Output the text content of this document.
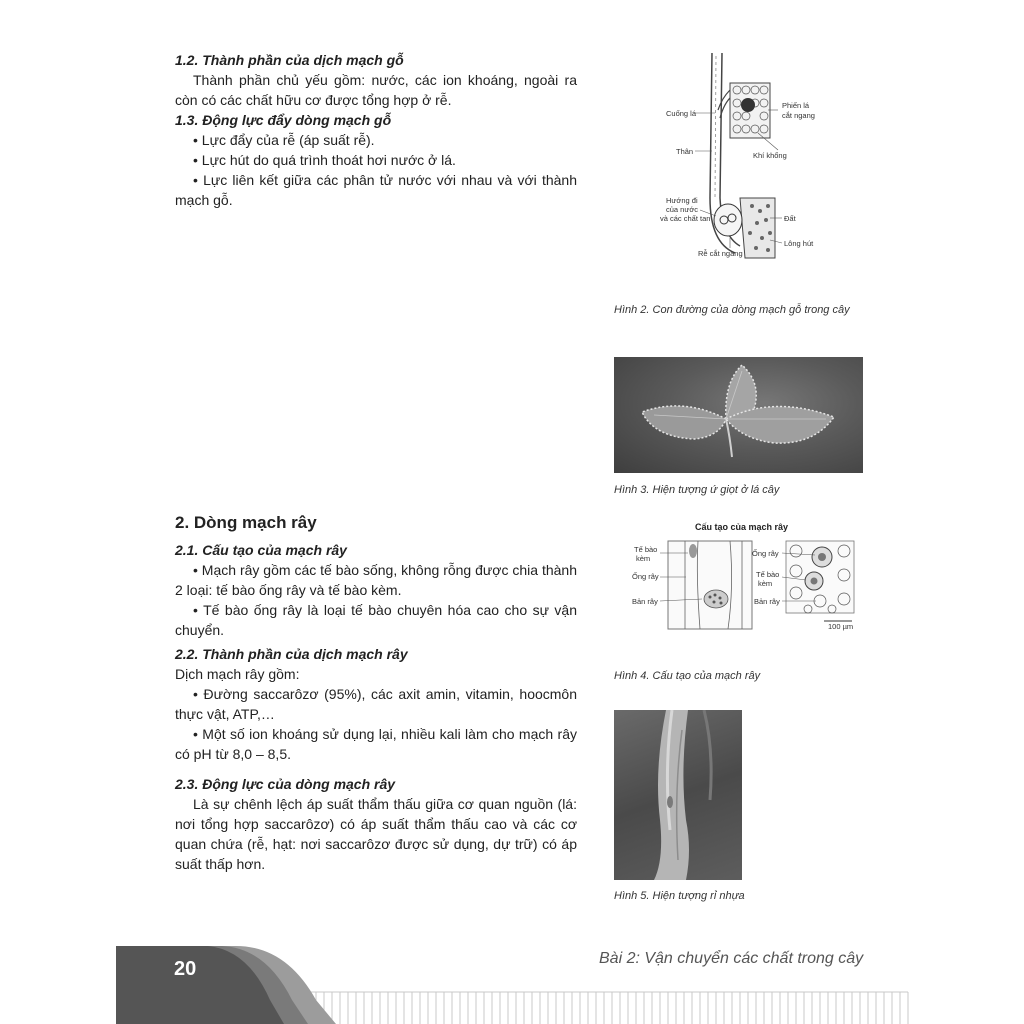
1.2. Thành phần của dịch mạch gỗ

Thành phần chủ yếu gồm: nước, các ion khoáng, ngoài ra còn có các chất hữu cơ được tổng hợp ở rễ.

1.3. Động lực đẩy dòng mạch gỗ

• Lực đẩy của rễ (áp suất rễ).

• Lực hút do quá trình thoát hơi nước ở lá.

• Lực liên kết giữa các phân tử nước với nhau và với thành mạch gỗ.

2. Dòng mạch rây

2.1. Cấu tạo của mạch rây

• Mạch rây gồm các tế bào sống, không rỗng được chia thành 2 loại: tế bào ống rây và tế bào kèm.

• Tế bào ống rây là loại tế bào chuyên hóa cao cho sự vận chuyển.

2.2. Thành phần của dịch mạch rây

Dịch mạch rây gồm:

• Đường saccarôzơ (95%), các axit amin, vitamin, hoocmôn thực vật, ATP,…

• Một số ion khoáng sử dụng lại, nhiều kali làm cho mạch rây có pH từ 8,0 – 8,5.

2.3. Động lực của dòng mạch rây

Là sự chênh lệch áp suất thẩm thấu giữa cơ quan nguồn (lá: nơi tổng hợp saccarôzơ) có áp suất thẩm thấu cao và các cơ quan chứa (rễ, hạt: nơi saccarôzơ được sử dụng, dự trữ) có áp suất thấp hơn.

Cuống lá
Phiến lá
cắt ngang
Thân	Khí khổng
Hướng đi
của nước
và các chất tan	Đất
Lông hút
Rễ cắt ngang
Hình 2. Con đường của dòng mạch gỗ trong cây
Hình 3. Hiện tượng ứ giọt ở lá cây
Cấu tạo của mạch rây
100 µm
Tế bào
kèm
Ống rây
Bản rây
Ống rây
Tế bào
kèm
Bản rây
Hình 4. Cấu tạo của mạch rây
Hình 5. Hiện tượng rỉ nhựa
20	Bài 2: Vận chuyển các chất trong cây
